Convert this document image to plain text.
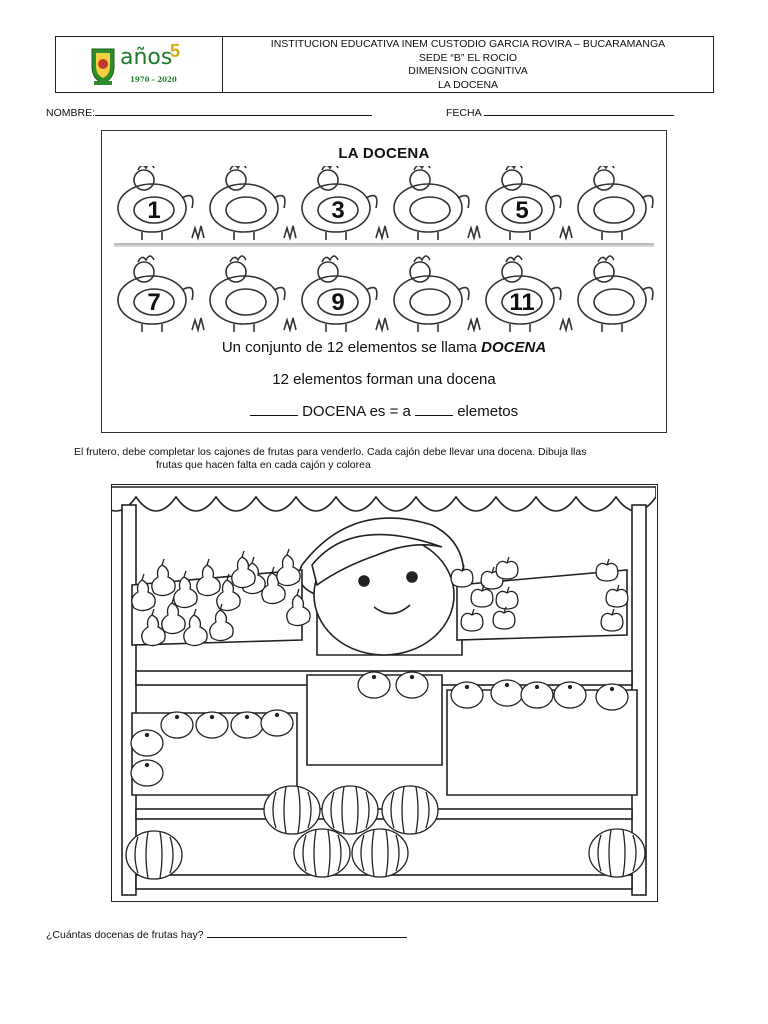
años
5
1970 - 2020
INSTITUCION EDUCATIVA INEM CUSTODIO GARCIA ROVIRA – BUCARAMANGA
SEDE “B” EL ROCIO
DIMENSION COGNITIVA
LA DOCENA
NOMBRE:	FECHA
LA DOCENA
1	3	5
7	9	11
Un conjunto de 12 elementos se llama DOCENA
12 elementos forman una docena
DOCENA es = a	elemetos
El frutero, debe completar los cajones de frutas para venderlo. Cada cajón debe llevar una docena. Dibuja llas
frutas que hacen falta en cada cajón y colorea
¿Cuántas docenas de frutas hay?
